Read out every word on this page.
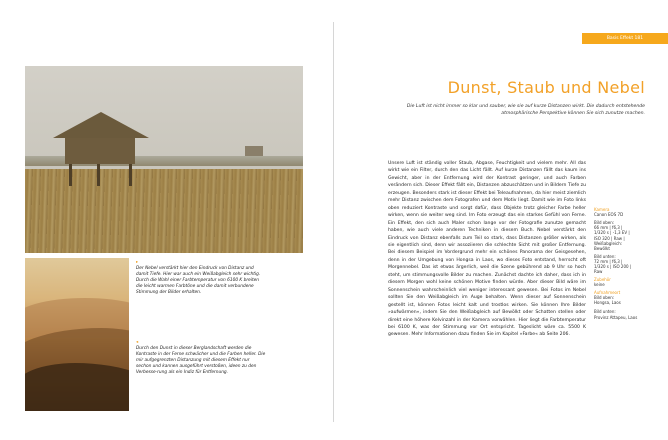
▸
Der Nebel verstärkt hier den Eindruck von Distanz und damit Tiefe. Hier war auch ein Weißabgleich sehr wichtig. Durch die Wahl einer Farbtemperatur von 6100 K breiten die leicht warmen Farbtöne und die damit verbundene Stimmung der Bilder erhalten.
◂
Durch den Dunst in dieser Berglandschaft werden die Kontraste in der Ferne schwächer und die Farben heller. Die mir aufgegrenzten Distanzung mit diesem Effekt nur sechon und kannen ausgeführt verstoßen, ideen zu den Verbesse-rung als ein Indiz für Entfernung.
Basis Effekt 181
Dunst, Staub und Nebel
Die Luft ist nicht immer so klar und sauber, wie sie auf kurze Distanzen wirkt. Die dadurch entstehende atmosphärische Perspektive können Sie sich zunutze machen.
Unsere Luft ist ständig voller Staub, Abgase, Feuchtigkeit und vielem mehr. All das wirkt wie ein Filter, durch den das Licht fällt. Auf kurze Distanzen fällt das kaum ins Gewicht, aber in der Entfernung wird der Kontrast geringer, und auch Farben verändern sich. Dieser Effekt fällt ein, Distanzen abzuschätzen und in Bildern Tiefe zu erzeugen. Besonders stark ist dieser Effekt bei Teleaufnahmen, da hier meist ziemlich mehr Distanz zwischen dem Fotografen und dem Motiv liegt. Damit wie im Foto links oben reduziert Kontraste und sorgt dafür, dass Objekte trotz gleicher Farbe heller wirken, wenn sie weiter weg sind. Im Foto erzeugt das ein starkes Gefühl von Ferne. Ein Effekt, den sich auch Maler schon lange vor der Fotografie zunutze gemacht haben, wie auch viele anderen Techniken in diesem Buch. Nebel verstärkt den Eindruck von Distanz ebenfalls zum Teil so stark, dass Distanzen größer wirken, als sie eigentlich sind, denn wir assoziieren die schlechte Sicht mit großer Entfernung. Bei diesem Beispiel im Vordergrund mehr ein schönes Panorama der Geisgesehen, denn in der Umgebung von Hongsa in Laos, wo dieses Foto entstand, herrscht oft Morgennebel. Das ist etwas ärgerlich, weil die Szene gebührend ab 9 Uhr so hoch steht, um stimmungsvolle Bilder zu machen. Zunächst dachte ich daher, dass ich in diesem Morgen wohl keine schönen Motive finden würde. Aber dieser Bild wäre im Sonnenschein wahrscheinlich viel weniger interessant gewesen. Bei Fotos im Nebel sollten Sie den Weißabgleich im Auge behalten. Wenn dieser auf Sonnenschein gestellt ist, können Fotos leicht kalt und trostlos wirken. Sie können Ihre Bilder »aufwärmen«, indem Sie den Weißabgleich auf Bewölkt oder Schatten stellen oder direkt eine höhere Kelvinzahl in der Kamera vorwählen. Hier liegt die Farbtemperatur bei 6100 K, was der Stimmung vor Ort entspricht. Tageslicht wäre ca. 5500 K gewesen. Mehr Informationen dazu finden Sie im Kapitel »Farbe« ab Seite 206.
Kamera
Canon EOS 7D
Bild oben:
66 mm | f6,3 |
1/320 s | -1,3 EV |
ISO 320 | Raw |
Weißabgleich:
Bewölkt
Bild unten:
72 mm | f6,3 |
1/320 s | ISO 200 |
Raw
Zubehör
keine
Aufnahmeort
Bild oben:
Hongsa, Laos
Bild unten:
Provinz Attapeu, Laos
